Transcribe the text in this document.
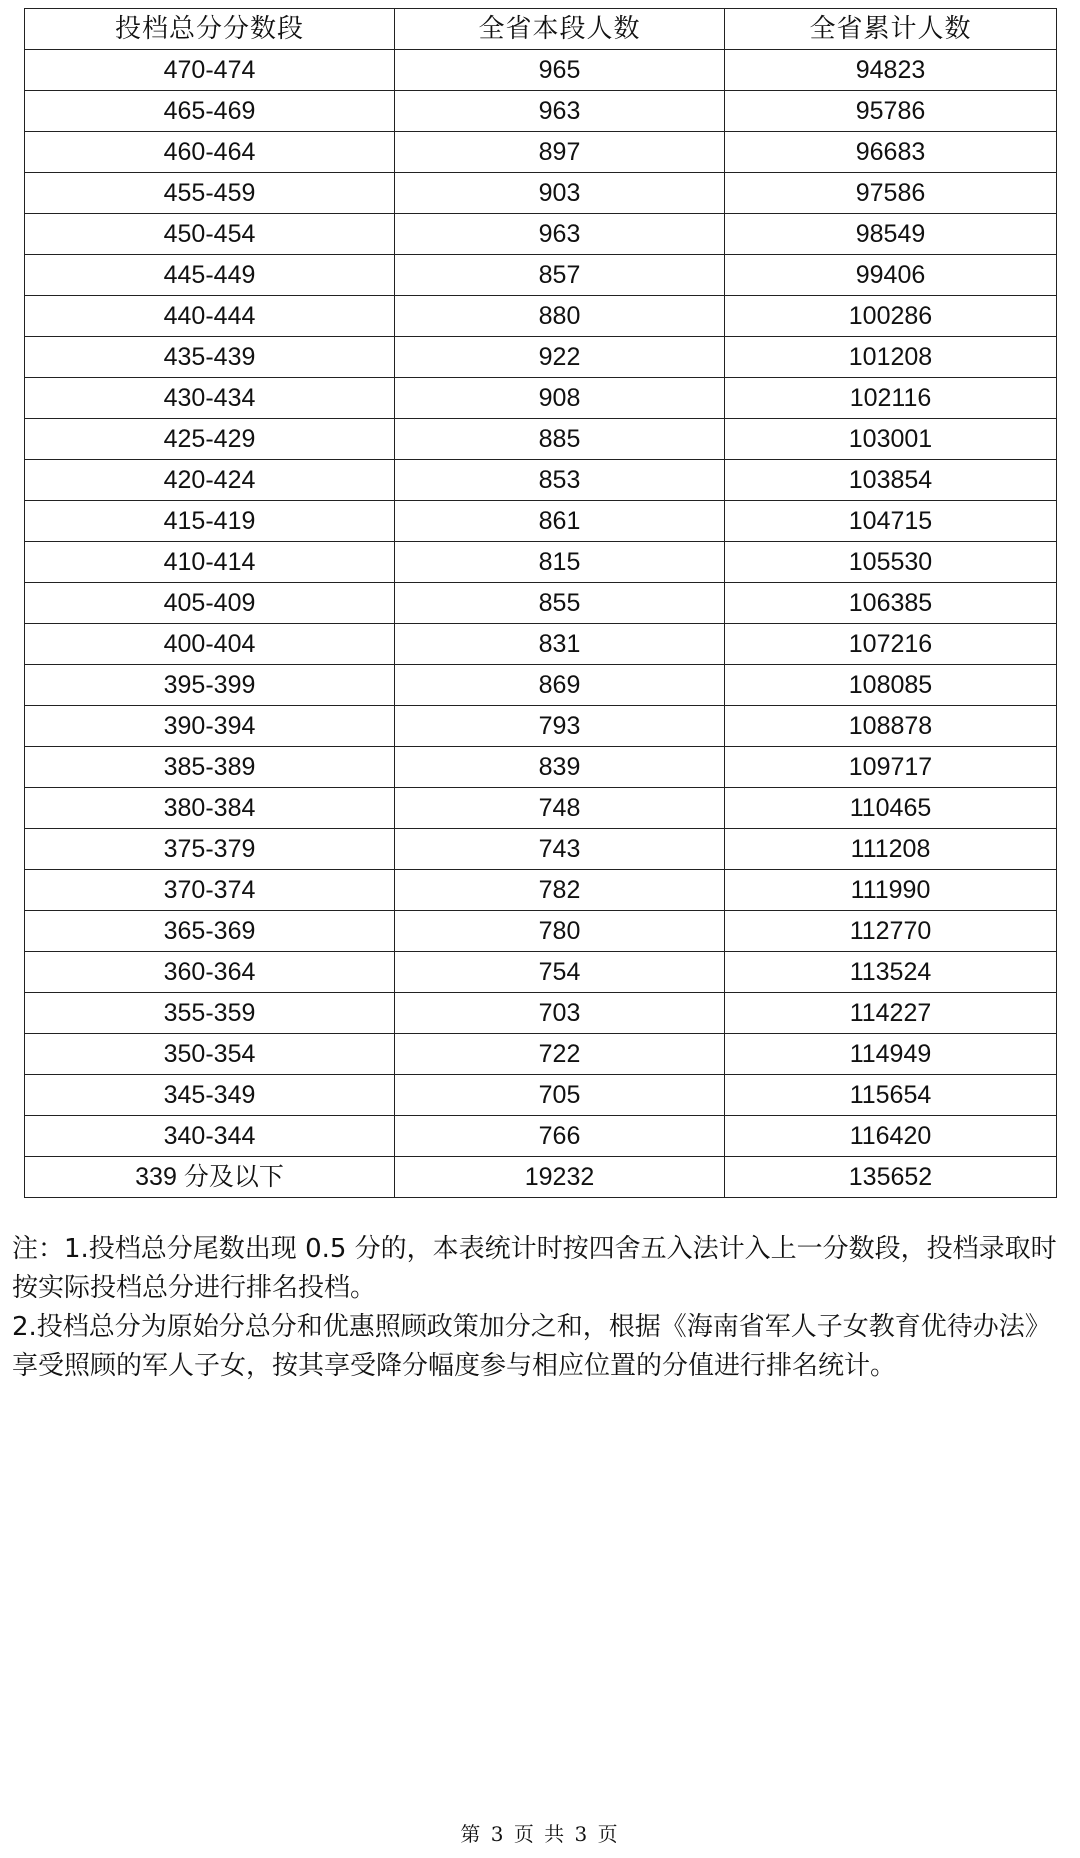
投档总分分数段	全省本段人数	全省累计人数
470-474	965	94823
465-469	963	95786
460-464	897	96683
455-459	903	97586
450-454	963	98549
445-449	857	99406
440-444	880	100286
435-439	922	101208
430-434	908	102116
425-429	885	103001
420-424	853	103854
415-419	861	104715
410-414	815	105530
405-409	855	106385
400-404	831	107216
395-399	869	108085
390-394	793	108878
385-389	839	109717
380-384	748	110465
375-379	743	111208
370-374	782	111990
365-369	780	112770
360-364	754	113524
355-359	703	114227
350-354	722	114949
345-349	705	115654
340-344	766	116420
339 分及以下	19232	135652

注：1.投档总分尾数出现 0.5 分的，本表统计时按四舍五入法计入上一分数段，投档录取时按实际投档总分进行排名投档。

2.投档总分为原始分总分和优惠照顾政策加分之和，根据《海南省军人子女教育优待办法》享受照顾的军人子女，按其享受降分幅度参与相应位置的分值进行排名统计。

第 3 页 共 3 页
